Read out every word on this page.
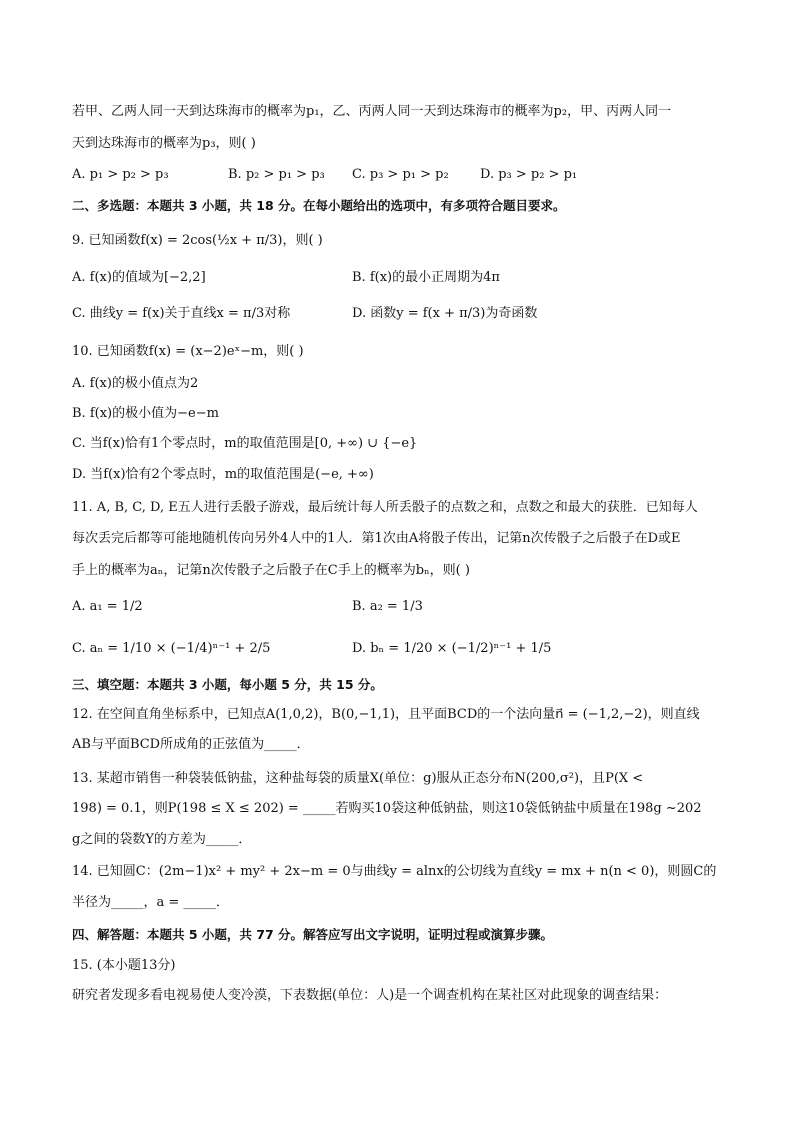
若甲、乙两人同一天到达珠海市的概率为p₁，乙、丙两人同一天到达珠海市的概率为p₂，甲、丙两人同一
天到达珠海市的概率为p₃，则( )
A. p₁ > p₂ > p₃	B. p₂ > p₁ > p₃ C. p₃ > p₁ > p₂ D. p₃ > p₂ > p₁
二、多选题：本题共 3 小题，共 18 分。在每小题给出的选项中，有多项符合题目要求。
9. 已知函数f(x) = 2cos(½x + π/3)，则( )
A. f(x)的值域为[−2,2]	B. f(x)的最小正周期为4π
C. 曲线y = f(x)关于直线x = π/3对称	D. 函数y = f(x + π/3)为奇函数
10. 已知函数f(x) = (x−2)eˣ−m，则( )
A. f(x)的极小值点为2
B. f(x)的极小值为−e−m
C. 当f(x)恰有1个零点时，m的取值范围是[0, +∞) ∪ {−e}
D. 当f(x)恰有2个零点时，m的取值范围是(−e, +∞)
11. A, B, C, D, E五人进行丢骰子游戏，最后统计每人所丢骰子的点数之和，点数之和最大的获胜．已知每人
每次丢完后都等可能地随机传向另外4人中的1人．第1次由A将骰子传出，记第n次传骰子之后骰子在D或E
手上的概率为aₙ，记第n次传骰子之后骰子在C手上的概率为bₙ，则( )
A. a₁ = 1/2	B. a₂ = 1/3
C. aₙ = 1/10 × (−1/4)ⁿ⁻¹ + 2/5	D. bₙ = 1/20 × (−1/2)ⁿ⁻¹ + 1/5
三、填空题：本题共 3 小题，每小题 5 分，共 15 分。
12. 在空间直角坐标系中，已知点A(1,0,2)，B(0,−1,1)，且平面BCD的一个法向量n⃗ = (−1,2,−2)，则直线
AB与平面BCD所成角的正弦值为_____．
13. 某超市销售一种袋装低钠盐，这种盐每袋的质量X(单位：g)服从正态分布N(200,σ²)，且P(X <
198) = 0.1，则P(198 ≤ X ≤ 202) = _____若购买10袋这种低钠盐，则这10袋低钠盐中质量在198g ~202
g之间的袋数Y的方差为_____．
14. 已知圆C：(2m−1)x² + my² + 2x−m = 0与曲线y = alnx的公切线为直线y = mx + n(n < 0)，则圆C的
半径为_____，a = _____．
四、解答题：本题共 5 小题，共 77 分。解答应写出文字说明，证明过程或演算步骤。
15. (本小题13分)
研究者发现多看电视易使人变冷漠，下表数据(单位：人)是一个调查机构在某社区对此现象的调查结果：
